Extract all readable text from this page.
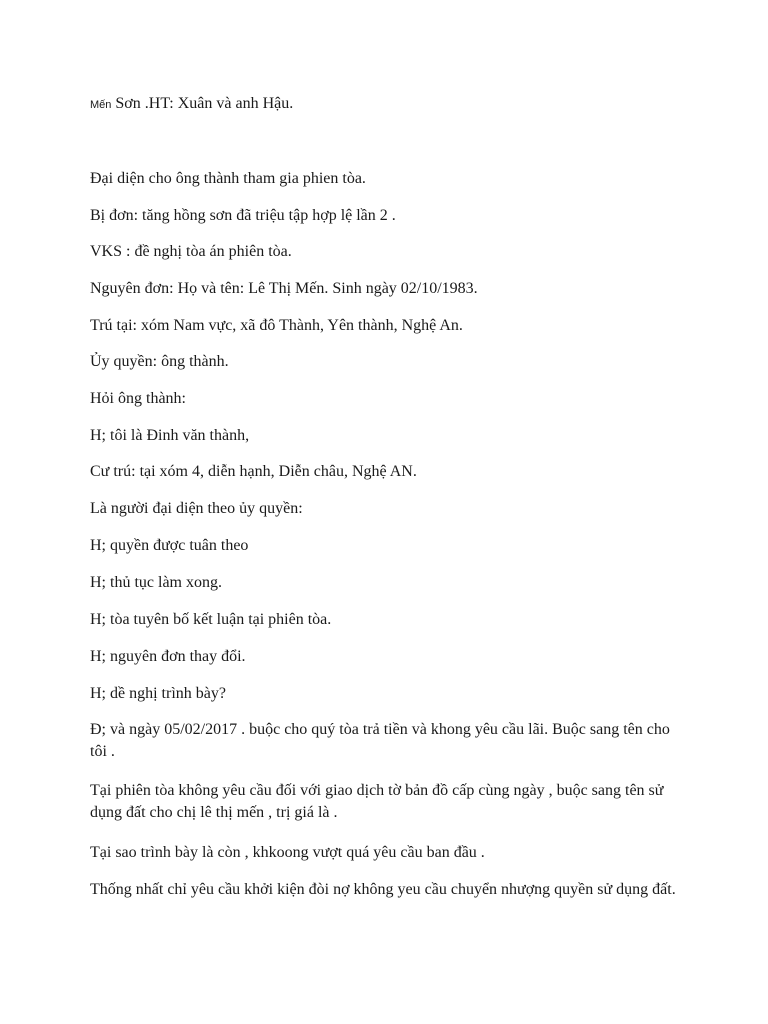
Mến Sơn .HT: Xuân và anh Hậu.
Đại diện cho ông thành tham gia phien tòa.
Bị đơn: tăng hồng sơn đã triệu tập hợp lệ lần 2 .
VKS : đề nghị tòa án phiên tòa.
Nguyên đơn: Họ và tên: Lê Thị Mến. Sinh ngày 02/10/1983.
Trú tại: xóm Nam vực, xã đô Thành, Yên thành, Nghệ An.
Ủy quyền: ông thành.
Hỏi ông thành:
H; tôi là Đinh văn thành,
Cư trú: tại xóm 4, diễn hạnh, Diễn châu, Nghệ AN.
Là người đại diện theo ủy quyền:
H; quyền được tuân theo
H; thủ tục làm xong.
H; tòa tuyên bố kết luận tại phiên tòa.
H; nguyên đơn thay đổi.
H; dề nghị trình bày?
Đ; và ngày 05/02/2017 . buộc cho quý tòa trả tiền và khong yêu cầu lãi. Buộc sang tên cho tôi .
Tại phiên tòa không yêu cầu đối với giao dịch tờ bản đồ cấp cùng ngày , buộc sang tên sử dụng đất cho chị lê thị mến , trị giá là .
Tại sao trình bày là còn , khkoong vượt quá yêu cầu ban đầu .
Thống nhất chỉ yêu cầu khởi kiện đòi nợ không yeu cầu chuyển nhượng quyền sử dụng đất.
